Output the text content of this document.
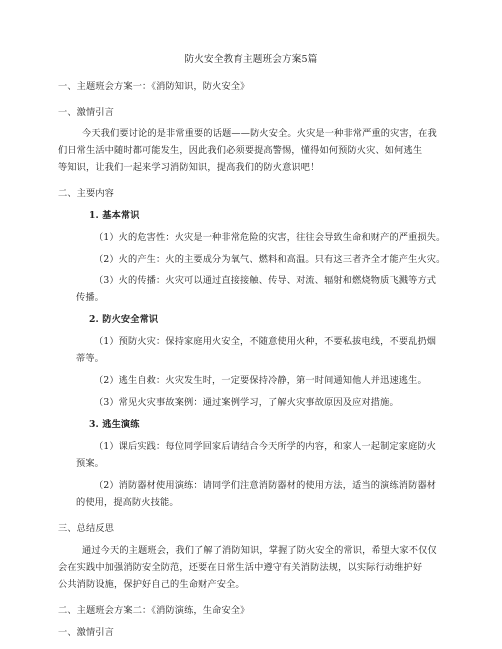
防火安全教育主题班会方案5篇
一、主题班会方案一：《消防知识，防火安全》
一、激情引言
今天我们要讨论的是非常重要的话题——防火安全。火灾是一种非常严重的灾害，在我
们日常生活中随时都可能发生，因此我们必须要提高警惕，懂得如何预防火灾、如何逃生
等知识，让我们一起来学习消防知识，提高我们的防火意识吧！
二、主要内容
1. 基本常识
（1）火的危害性：火灾是一种非常危险的灾害，往往会导致生命和财产的严重损失。
（2）火的产生：火的主要成分为氧气、燃料和高温。只有这三者齐全才能产生火灾。
（3）火的传播：火灾可以通过直接接触、传导、对流、辐射和燃烧物质飞溅等方式
传播。
2. 防火安全常识
（1）预防火灾：保持家庭用火安全，不随意使用火种，不要私拔电线，不要乱扔烟
蒂等。
（2）逃生自救：火灾发生时，一定要保持冷静，第一时间通知他人并迅速逃生。
（3）常见火灾事故案例：通过案例学习，了解火灾事故原因及应对措施。
3. 逃生演练
（1）课后实践：每位同学回家后请结合今天所学的内容，和家人一起制定家庭防火
预案。
（2）消防器材使用演练：请同学们注意消防器材的使用方法，适当的演练消防器材
的使用，提高防火技能。
三、总结反思
通过今天的主题班会，我们了解了消防知识，掌握了防火安全的常识，希望大家不仅仅
会在实践中加强消防安全防范，还要在日常生活中遵守有关消防法规，以实际行动维护好
公共消防设施，保护好自己的生命财产安全。
二、主题班会方案二：《消防演练，生命安全》
一、激情引言
